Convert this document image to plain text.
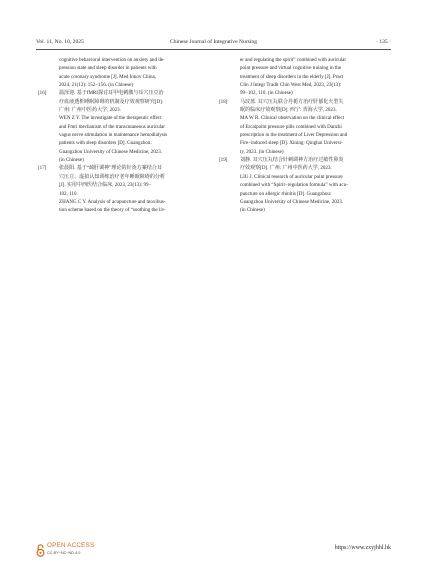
Vol. 11, No. 10, 2025	Chinese Journal of Integrative Nursing	· 135 ·
cognitive behavioral intervention on anxiety and de-
pression state and sleep disorder in patients with
acute coronary syndrome [J]. Med Innov China,
2024, 21(12): 152−156. (in Chinese)
[16] 温泽迎. 基于fMRI探讨耳甲电刺激与耳穴压豆治
疗血液透析睡眠障碍的机制及疗效观察研究[D].
广州: 广州中医药大学, 2023.
WEN Z Y. The investigate of the therapeutic effect
and Fmri mechanism of the transcutaneous auricular
vagus nerve stimulation in maintenance hemodialysis
patients with sleep disorders [D]. Guangzhou:
Guangzhou University of Chinese Medicine, 2023.
(in Chinese)
[17] 张晨阳. 基于“疏肝调神”理论的针灸方案结合耳
穴压豆、虚拟认知训练治疗老年睡眠障碍的分析
[J]. 实用中西医结合临床, 2023, 23(13): 99−
102, 110.
ZHANG C Y. Analysis of acupuncture and moxibus-
tion scheme based on the theory of “soothing the liv-
er and regulating the spirit” combined with auricular
point pressure and virtual cognitive training in the
treatment of sleep disorders in the elderly [J]. Pract
Clin J Integr Tradit Chin West Med, 2023, 23(13):
99−102, 110. (in Chinese)
[18] 马玟蓝. 耳穴压丸联合丹栀方治疗肝郁化火型失
眠的临床疗效观察[D]. 西宁: 青海大学, 2023.
MA W R. Clinical observation on the clinical effect
of Ercaipoint pressure pills combined with Danzhi
prescription in the treatment of Liver Depression and
Fire−induced sleep [D]. Xining: Qinghai Universi-
ty, 2023. (in Chinese)
[19] 刘静. 耳穴压丸结合针刺调神方治疗过敏性鼻炎
疗效观察[D]. 广州: 广州中医药大学, 2023.
LIU J. Clinical research of auricular point pressure
combined with “Spirit−regulation formula” with acu-
puncture on allergic rhinitis [D]. Guangzhou:
Guangzhou University of Chinese Medicine, 2023.
(in Chinese)
OPEN ACCESS
CC BY−NC−ND 4.0
https://www.zxyjhhl.hk
